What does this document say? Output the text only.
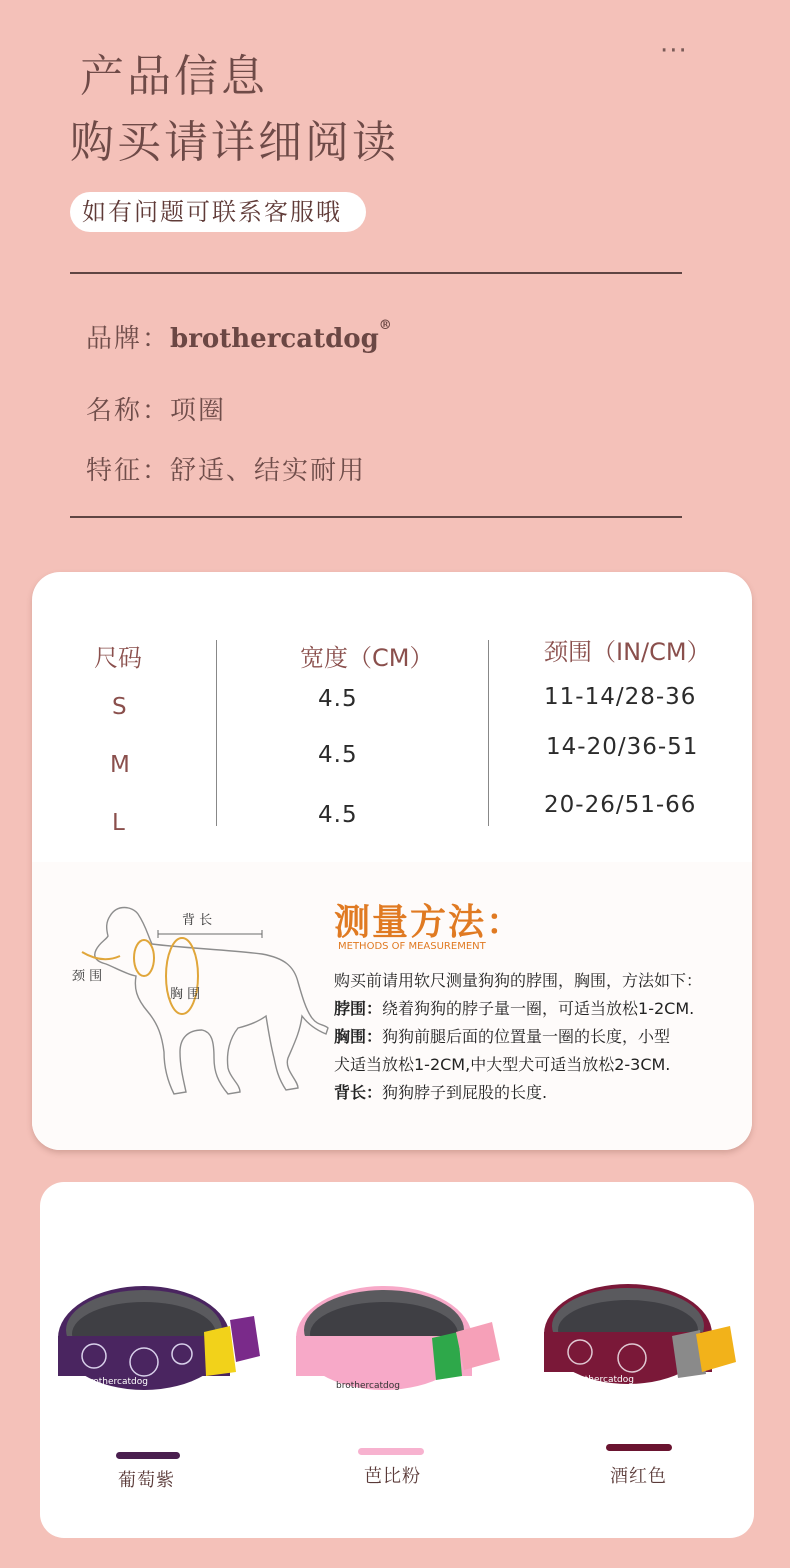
产品信息
购买请详细阅读
···
如有问题可联系客服哦
品牌：brothercatdog®
名称：项圈
特征：舒适、结实耐用
尺码	宽度（CM）	颈围（IN/CM）
S	4.5	11-14/28-36
M	4.5	14-20/36-51
L	4.5	20-26/51-66
背 长
颈 围
胸 围
测量方法：
METHODS OF MEASUREMENT
购买前请用软尺测量狗狗的脖围，胸围，方法如下：
脖围：绕着狗狗的脖子量一圈，可适当放松1-2CM.
胸围：狗狗前腿后面的位置量一圈的长度，小型
犬适当放松1-2CM,中大型犬可适当放松2-3CM.
背长：狗狗脖子到屁股的长度.
brothercatdog	brothercatdog
brothercatdog
葡萄紫	芭比粉	酒红色
